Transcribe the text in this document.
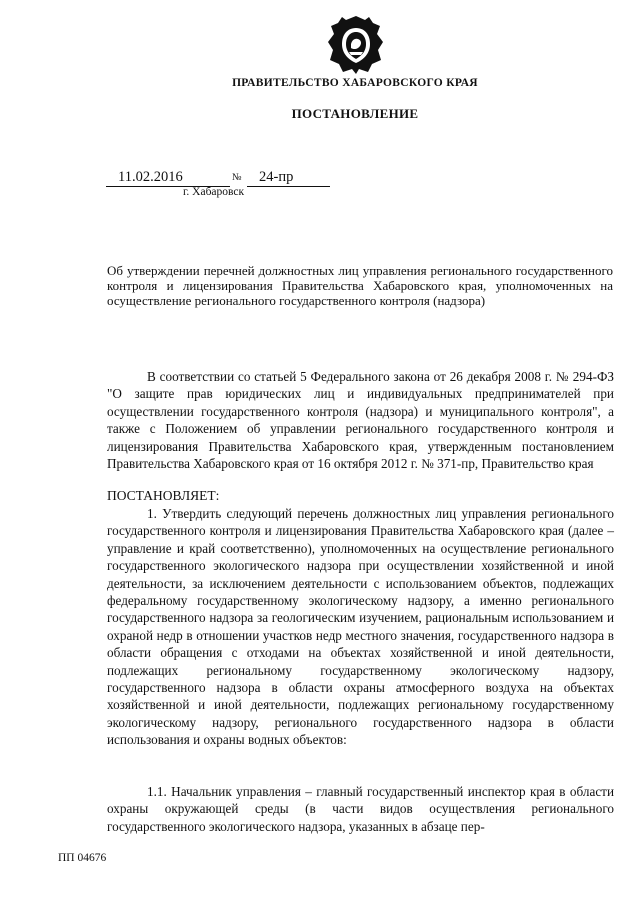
ПРАВИТЕЛЬСТВО ХАБАРОВСКОГО КРАЯ
ПОСТАНОВЛЕНИЕ
11.02.2016	№	24-пр
г. Хабаровск
Об утверждении перечней должностных лиц управления регионального государственного контроля и лицензирования Правительства Хабаровского края, уполномоченных на осуществление регионального государственного контроля (надзора)

В соответствии со статьей 5 Федерального закона от 26 декабря 2008 г. № 294-ФЗ "О защите прав юридических лиц и индивидуальных предпринимателей при осуществлении государственного контроля (надзора) и муниципального контроля", а также с Положением об управлении регионального государственного контроля и лицензирования Правительства Хабаровского края, утвержденным постановлением Правительства Хабаровского края от 16 октября 2012 г. № 371-пр, Правительство края

ПОСТАНОВЛЯЕТ:

1. Утвердить следующий перечень должностных лиц управления регионального государственного контроля и лицензирования Правительства Хабаровского края (далее – управление и край соответственно), уполномоченных на осуществление регионального государственного экологического надзора при осуществлении хозяйственной и иной деятельности, за исключением деятельности с использованием объектов, подлежащих федеральному государственному экологическому надзору, а именно регионального государственного надзора за геологическим изучением, рациональным использованием и охраной недр в отношении участков недр местного значения, государственного надзора в области обращения с отходами на объектах хозяйственной и иной деятельности, подлежащих региональному государственному экологическому надзору, государственного надзора в области охраны атмосферного воздуха на объектах хозяйственной и иной деятельности, подлежащих региональному государственному экологическому надзору, регионального государственного надзора в области использования и охраны водных объектов:

1.1. Начальник управления – главный государственный инспектор края в области охраны окружающей среды (в части видов осуществления регионального государственного экологического надзора, указанных в абзаце пер-

ПП 04676
